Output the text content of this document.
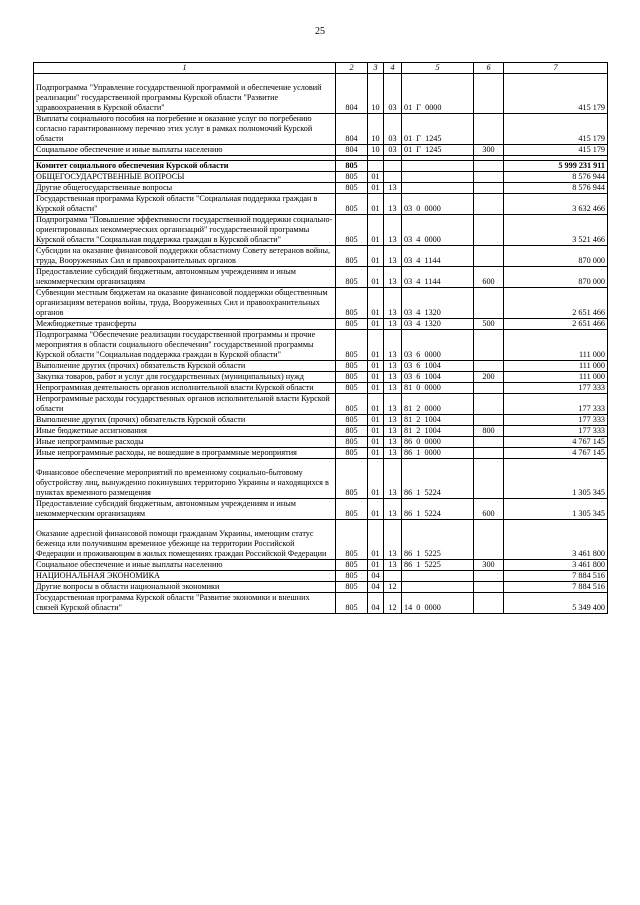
25
1	2	3	4	5	6	7
Подпрограмма "Управление государственной программой и обеспечение условий реализации" государственной программы Курской области "Развитие здравоохранения в Курской области"	804	10	03	01  Г  0000		415 179
Выплаты социального пособия на погребение и оказание услуг по погребению согласно гарантированному перечню этих услуг в рамках полномочий Курской области	804	10	03	01  Г  1245		415 179
Социальное обеспечение и иные выплаты населению	804	10	03	01  Г  1245	300	415 179

Комитет социального обеспечения Курской области	805					5 999 231 911
ОБЩЕГОСУДАРСТВЕННЫЕ ВОПРОСЫ	805	01				8 576 944
Другие общегосударственные вопросы	805	01	13			8 576 944
Государственная программа Курской области "Социальная поддержка граждан в Курской области"	805	01	13	03  0  0000		3 632 466
Подпрограмма "Повышение эффективности государственной поддержки социально-ориентированных некоммерческих организаций" государственной программы Курской области "Социальная поддержка граждан в Курской области"	805	01	13	03  4  0000		3 521 466
Субсидии на оказание финансовой поддержки областному Совету ветеранов войны, труда, Вооруженных Сил и правоохранительных органов	805	01	13	03  4  1144		870 000
Предоставление субсидий бюджетным, автономным учреждениям и иным некоммерческим организациям	805	01	13	03  4  1144	600	870 000
Субвенции местным бюджетам на оказание финансовой поддержки общественным организациям ветеранов войны, труда, Вооруженных Сил и правоохранительных органов	805	01	13	03  4  1320		2 651 466
Межбюджетные трансферты	805	01	13	03  4  1320	500	2 651 466
Подпрограмма "Обеспечение реализации государственной программы и прочие мероприятия в области социального обеспечения" государственной программы Курской области "Социальная поддержка граждан в Курской области"	805	01	13	03  6  0000		111 000
Выполнение других (прочих) обязательств Курской области	805	01	13	03  6  1004		111 000
Закупка товаров, работ и услуг для государственных (муниципальных) нужд	805	01	13	03  6  1004	200	111 000
Непрограммная деятельность органов исполнительной власти Курской области	805	01	13	81  0  0000		177 333
Непрограммные расходы государственных органов исполнительной власти Курской области	805	01	13	81  2  0000		177 333
Выполнение других (прочих) обязательств Курской области	805	01	13	81  2  1004		177 333
Иные бюджетные ассигнования	805	01	13	81  2  1004	800	177 333
Иные непрограммные расходы	805	01	13	86  0  0000		4 767 145
Иные непрограммные расходы, не вошедшие в программные мероприятия	805	01	13	86  1  0000		4 767 145
Финансовое обеспечение мероприятий по временному социально-бытовому обустройству лиц, вынужденно покинувших территорию Украины и находящихся в пунктах временного размещения	805	01	13	86  1  5224		1 305 345
Предоставление субсидий бюджетным, автономным учреждениям и иным некоммерческим организациям	805	01	13	86  1  5224	600	1 305 345
Оказание адресной финансовой помощи гражданам Украины, имеющим статус беженца или получившим временное убежище на территории Российской Федерации и проживающим в жилых помещениях граждан Российской Федерации	805	01	13	86  1  5225		3 461 800
Социальное обеспечение и иные выплаты населению	805	01	13	86  1  5225	300	3 461 800
НАЦИОНАЛЬНАЯ ЭКОНОМИКА	805	04				7 884 516
Другие вопросы в области национальной экономики	805	04	12			7 884 516
Государственная программа Курской области "Развитие экономики и внешних связей Курской области"	805	04	12	14  0  0000		5 349 400
